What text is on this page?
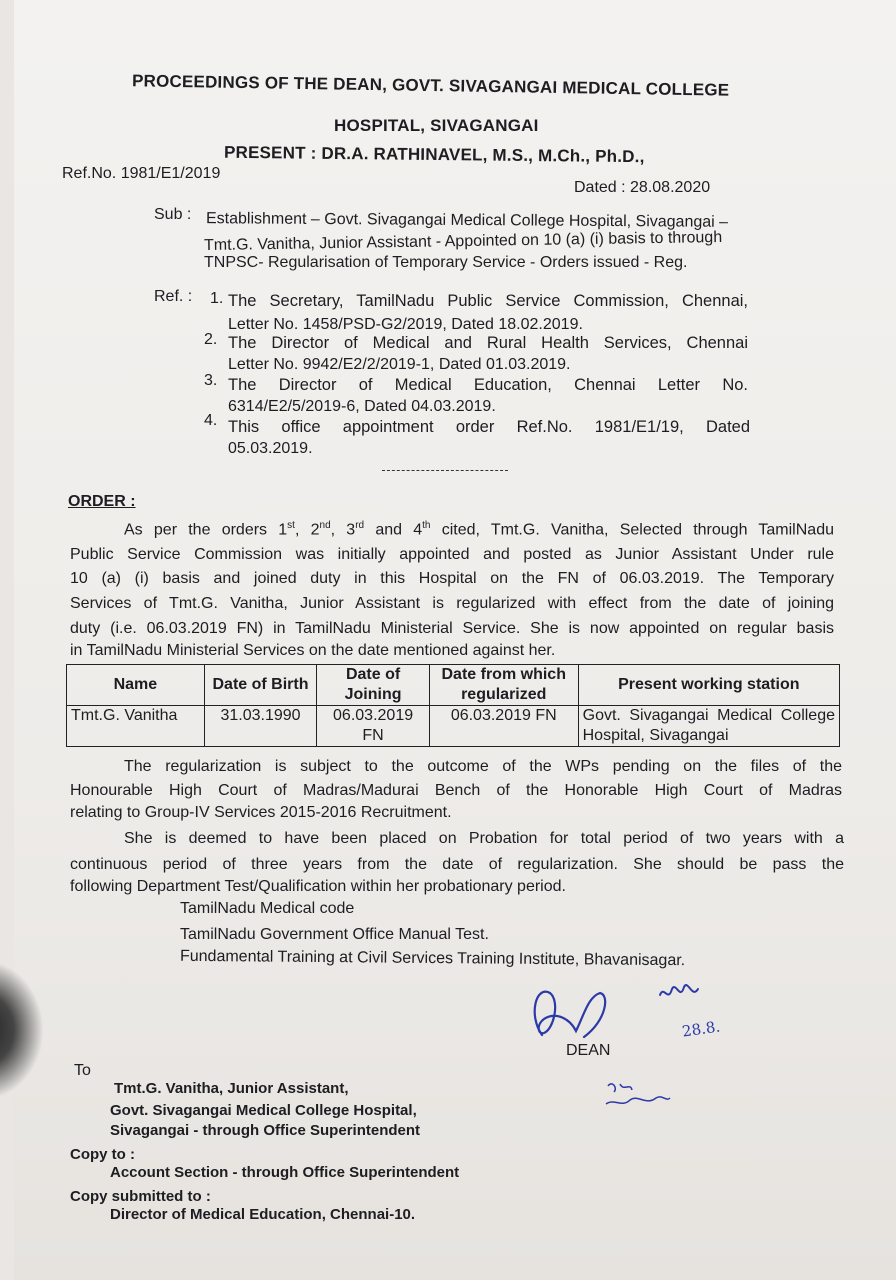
PROCEEDINGS OF THE DEAN, GOVT. SIVAGANGAI MEDICAL COLLEGE
HOSPITAL, SIVAGANGAI
PRESENT : DR.A. RATHINAVEL, M.S., M.Ch., Ph.D.,
Ref.No. 1981/E1/2019
Dated : 28.08.2020
Sub : Establishment – Govt. Sivagangai Medical College Hospital, Sivagangai –
Tmt.G. Vanitha, Junior Assistant - Appointed on 10 (a) (i) basis to through
TNPSC- Regularisation of Temporary Service - Orders issued - Reg.
Ref. : 1. The Secretary, TamilNadu Public Service Commission, Chennai,
Letter No. 1458/PSD-G2/2019, Dated 18.02.2019.
2. The Director of Medical and Rural Health Services, Chennai
Letter No. 9942/E2/2/2019-1, Dated 01.03.2019.
3. The Director of Medical Education, Chennai Letter No.
6314/E2/5/2019-6, Dated 04.03.2019.
4. This office appointment order Ref.No. 1981/E1/19, Dated
05.03.2019.
ORDER :
As per the orders 1st, 2nd, 3rd and 4th cited, Tmt.G. Vanitha, Selected through TamilNadu
Public Service Commission was initially appointed and posted as Junior Assistant Under rule
10 (a) (i) basis and joined duty in this Hospital on the FN of 06.03.2019. The Temporary
Services of Tmt.G. Vanitha, Junior Assistant is regularized with effect from the date of joining
duty (i.e. 06.03.2019 FN) in TamilNadu Ministerial Service. She is now appointed on regular basis
in TamilNadu Ministerial Services on the date mentioned against her.
Name	Date of Birth	Date of Joining	Date from which regularized	Present working station
Tmt.G. Vanitha	31.03.1990	06.03.2019 FN	06.03.2019 FN	Govt. Sivagangai Medical College Hospital, Sivagangai
The regularization is subject to the outcome of the WPs pending on the files of the
Honourable High Court of Madras/Madurai Bench of the Honorable High Court of Madras
relating to Group-IV Services 2015-2016 Recruitment.
She is deemed to have been placed on Probation for total period of two years with a
continuous period of three years from the date of regularization. She should be pass the
following Department Test/Qualification within her probationary period.
TamilNadu Medical code
TamilNadu Government Office Manual Test.
Fundamental Training at Civil Services Training Institute, Bhavanisagar.
28.8.
DEAN
To
Tmt.G. Vanitha, Junior Assistant,
Govt. Sivagangai Medical College Hospital,
Sivagangai - through Office Superintendent
Copy to :
Account Section - through Office Superintendent
Copy submitted to :
Director of Medical Education, Chennai-10.
